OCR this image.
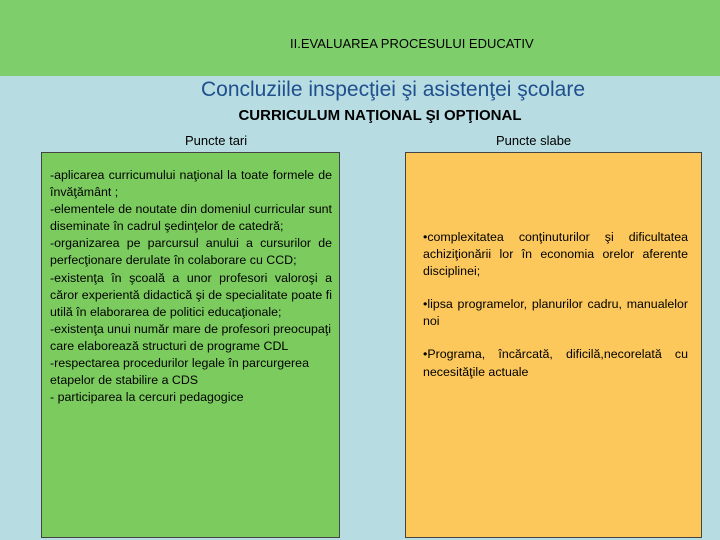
II.EVALUAREA PROCESULUI EDUCATIV
Concluziile inspecţiei şi asistenţei şcolare
CURRICULUM NAŢIONAL ŞI OPŢIONAL
Puncte tari	Puncte slabe
-aplicarea curricumului naţional la toate formele de învăţământ ;
-elementele de noutate din domeniul curricular sunt diseminate în cadrul şedinţelor de catedră;
-organizarea pe parcursul anului a cursurilor de perfecţionare derulate în colaborare cu CCD;
-existenţa în şcoală a unor profesori valoroşi a căror experientă didactică şi de specialitate poate fi utilă în elaborarea de politici educaţionale;
-existenţa unui număr mare de profesori preocupaţi care elaborează structuri de programe CDL
-respectarea procedurilor legale în parcurgerea etapelor de stabilire a CDS
- participarea la cercuri pedagogice

•complexitatea conţinuturilor şi dificultatea achiziţionării lor în economia orelor aferente disciplinei;

•lipsa programelor, planurilor cadru, manualelor noi

•Programa, încărcată, dificilă,necorelată cu necesităţile actuale
